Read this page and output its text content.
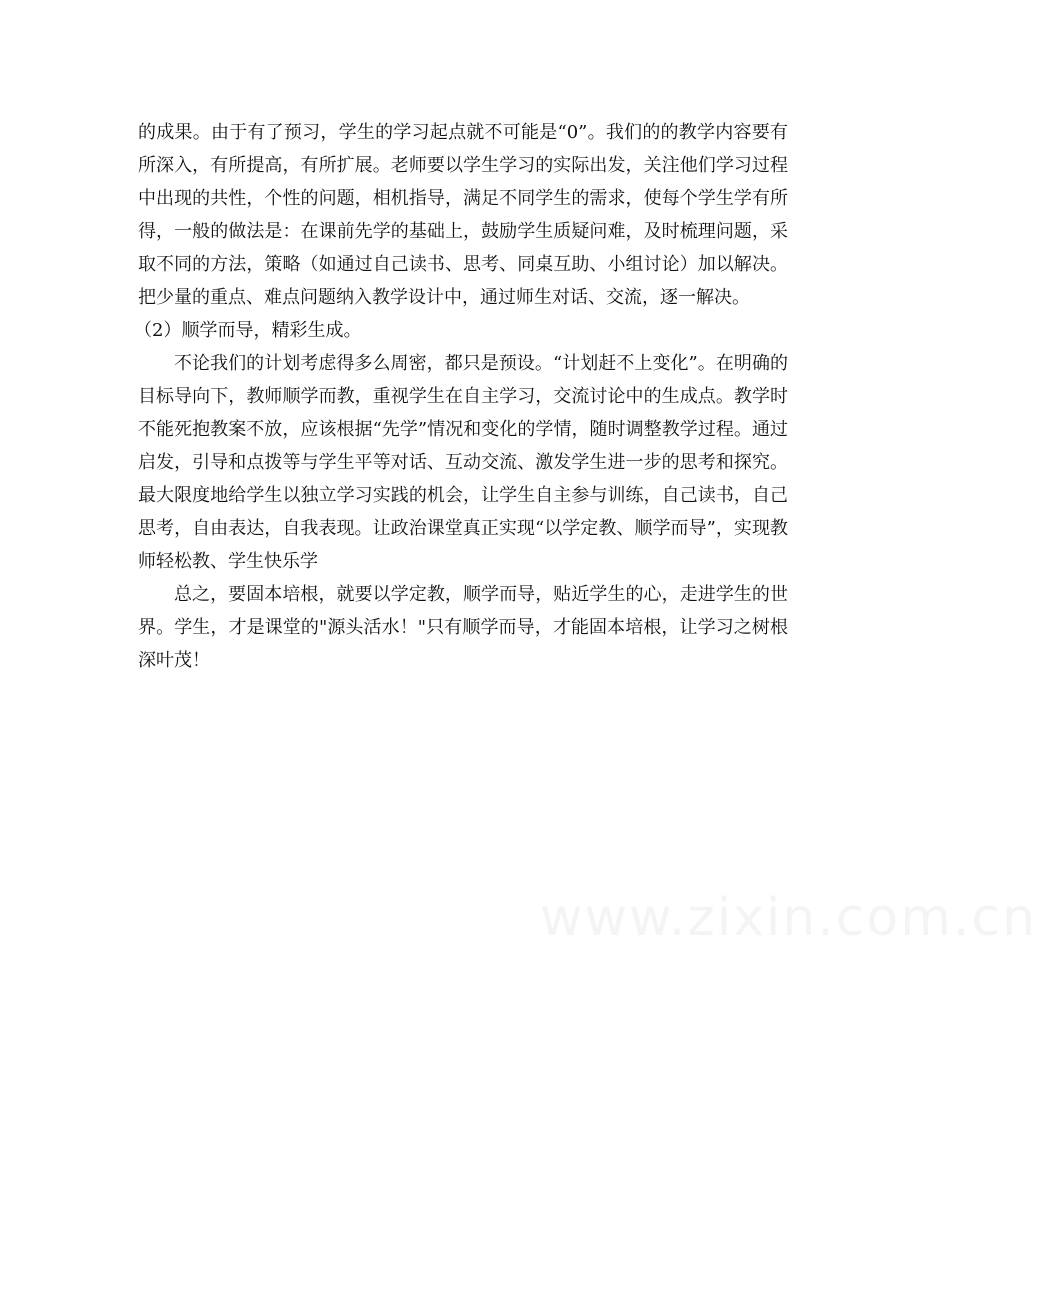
的成果。由于有了预习，学生的学习起点就不可能是“0”。我们的的教学内容要有所深入，有所提高，有所扩展。老师要以学生学习的实际出发，关注他们学习过程中出现的共性，个性的问题，相机指导，满足不同学生的需求，使每个学生学有所得，一般的做法是：在课前先学的基础上，鼓励学生质疑问难，及时梳理问题，采取不同的方法，策略（如通过自己读书、思考、同桌互助、小组讨论）加以解决。把少量的重点、难点问题纳入教学设计中，通过师生对话、交流，逐一解决。

（2）顺学而导，精彩生成。

不论我们的计划考虑得多么周密，都只是预设。“计划赶不上变化”。在明确的目标导向下，教师顺学而教，重视学生在自主学习，交流讨论中的生成点。教学时不能死抱教案不放，应该根据“先学”情况和变化的学情，随时调整教学过程。通过启发，引导和点拨等与学生平等对话、互动交流、激发学生进一步的思考和探究。最大限度地给学生以独立学习实践的机会，让学生自主参与训练，自己读书，自己思考，自由表达，自我表现。让政治课堂真正实现“以学定教、顺学而导”，实现教师轻松教、学生快乐学

总之，要固本培根，就要以学定教，顺学而导，贴近学生的心，走进学生的世界。学生，才是课堂的"源头活水！"只有顺学而导，才能固本培根，让学习之树根深叶茂！

www.zixin.com.cn
